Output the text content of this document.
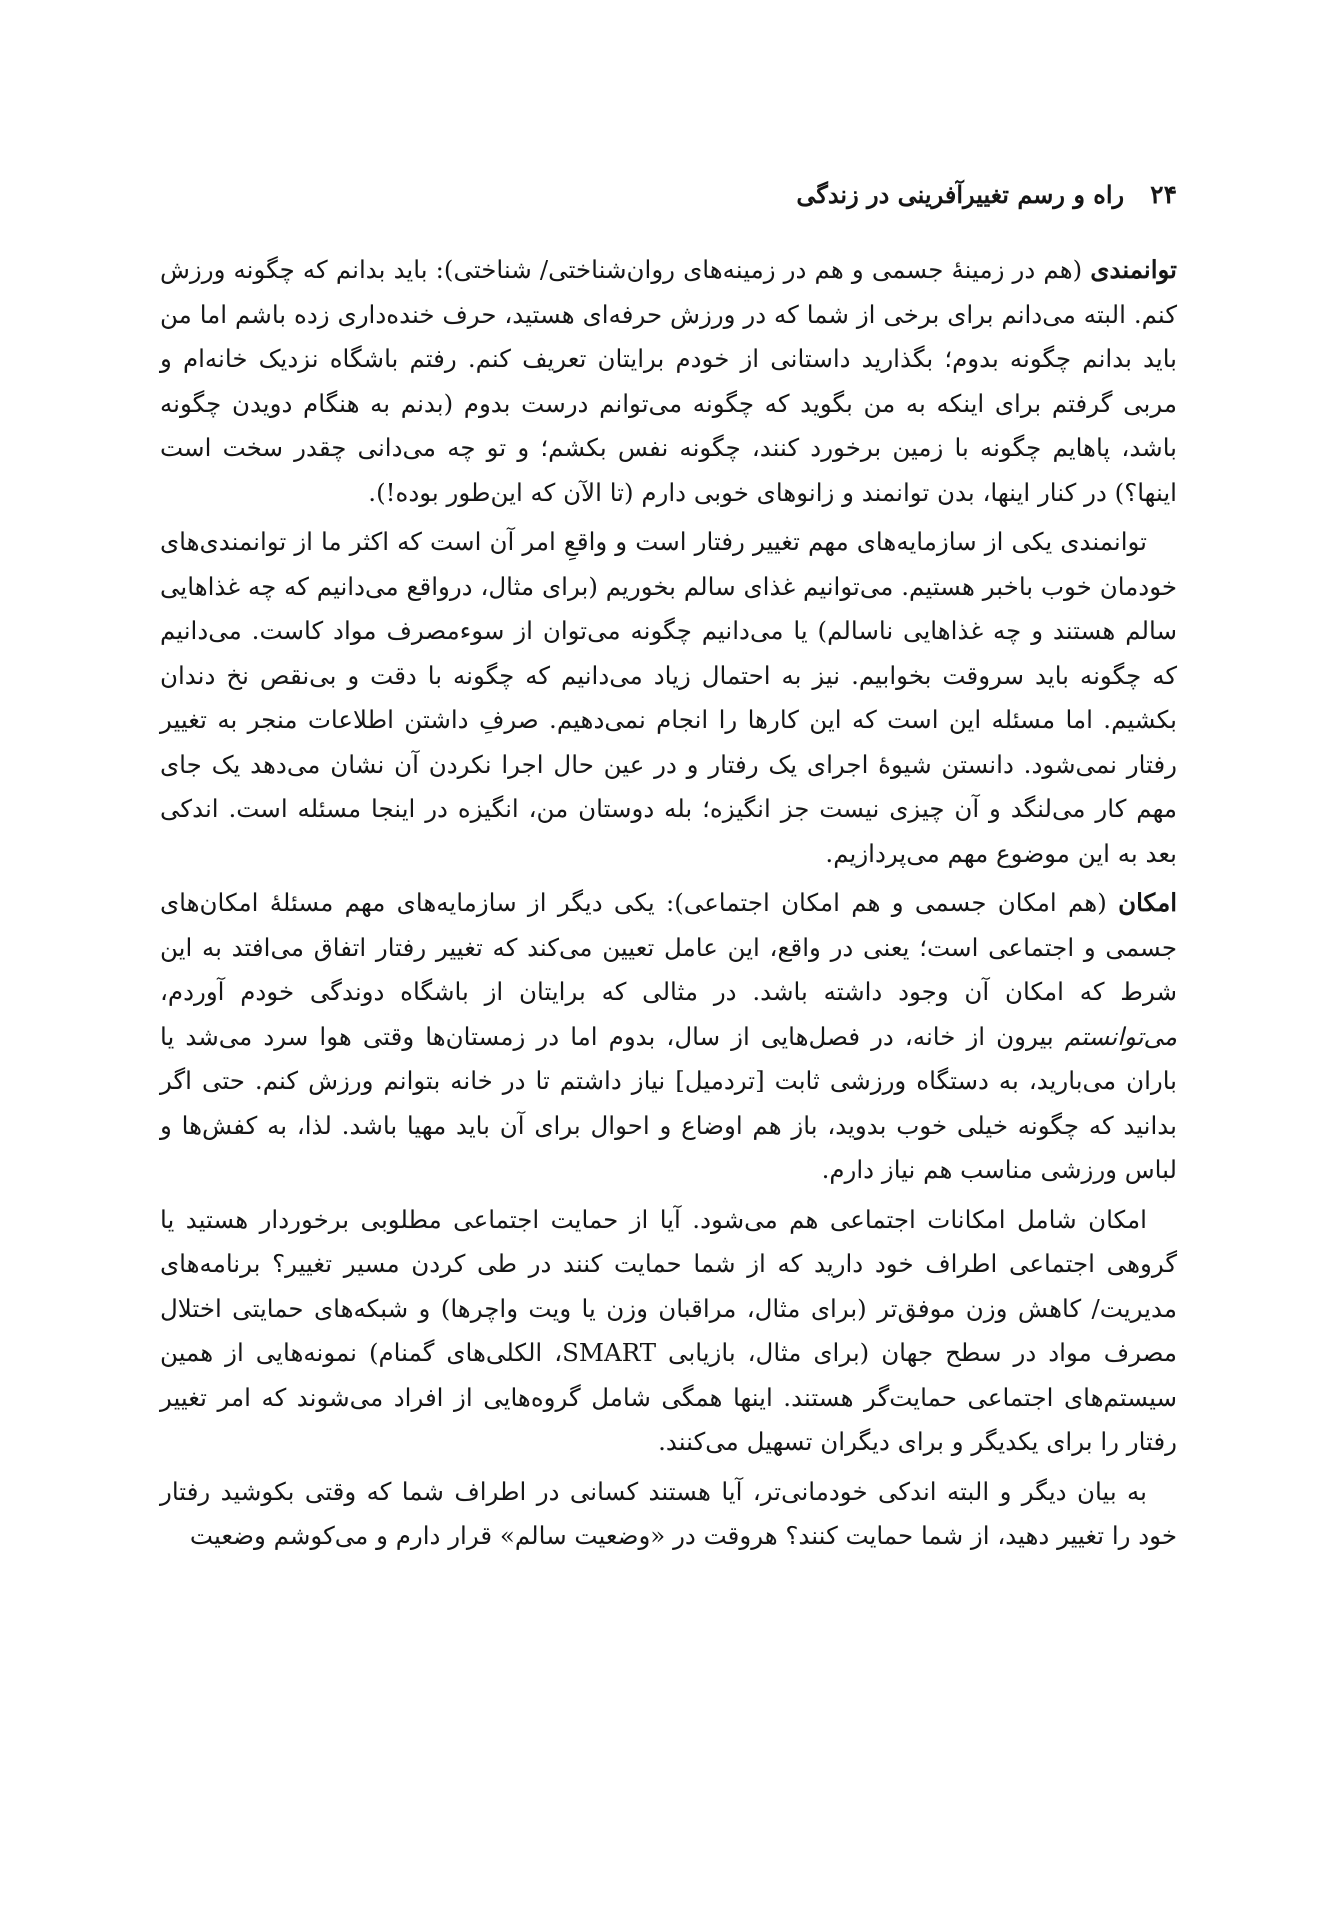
۲۴
راه و رسم تغییرآفرینی در زندگی

توانمندی (هم در زمینهٔ جسمی و هم در زمینه‌های روان‌شناختی/ شناختی): باید بدانم که چگونه ورزش کنم. البته می‌دانم برای برخی از شما که در ورزش حرفه‌ای هستید، حرف خنده‌داری زده باشم اما من باید بدانم چگونه بدوم؛ بگذارید داستانی از خودم برایتان تعریف کنم. رفتم باشگاه نزدیک خانه‌ام و مربی گرفتم برای اینکه به من بگوید که چگونه می‌توانم درست بدوم (بدنم به هنگام دویدن چگونه باشد، پاهایم چگونه با زمین برخورد کنند، چگونه نفس بکشم؛ و تو چه می‌دانی چقدر سخت است اینها؟) در کنار اینها، بدن توانمند و زانوهای خوبی دارم (تا الآن که این‌طور بوده!).

توانمندی یکی از سازمایه‌های مهم تغییر رفتار است و واقعِ امر آن است که اکثر ما از توانمندی‌های خودمان خوب باخبر هستیم. می‌توانیم غذای سالم بخوریم (برای مثال، درواقع می‌دانیم که چه غذاهایی سالم هستند و چه غذاهایی ناسالم) یا می‌دانیم چگونه می‌توان از سوءمصرف مواد کاست. می‌دانیم که چگونه باید سروقت بخوابیم. نیز به احتمال زیاد می‌دانیم که چگونه با دقت و بی‌نقص نخ دندان بکشیم. اما مسئله این است که این کارها را انجام نمی‌دهیم. صرفِ داشتن اطلاعات منجر به تغییر رفتار نمی‌شود. دانستن شیوهٔ اجرای یک رفتار و در عین حال اجرا نکردن آن نشان می‌دهد یک جای مهم کار می‌لنگد و آن چیزی نیست جز انگیزه؛ بله دوستان من، انگیزه در اینجا مسئله است. اندکی بعد به این موضوع مهم می‌پردازیم.

امکان (هم امکان جسمی و هم امکان اجتماعی): یکی دیگر از سازمایه‌های مهم مسئلهٔ امکان‌های جسمی و اجتماعی است؛ یعنی در واقع، این عامل تعیین می‌کند که تغییر رفتار اتفاق می‌افتد به این شرط که امکان آن وجود داشته باشد. در مثالی که برایتان از باشگاه دوندگی خودم آوردم، می‌توانستم بیرون از خانه، در فصل‌هایی از سال، بدوم اما در زمستان‌ها وقتی هوا سرد می‌شد یا باران می‌بارید، به دستگاه ورزشی ثابت [تردمیل] نیاز داشتم تا در خانه بتوانم ورزش کنم. حتی اگر بدانید که چگونه خیلی خوب بدوید، باز هم اوضاع و احوال برای آن باید مهیا باشد. لذا، به کفش‌ها و لباس ورزشی مناسب هم نیاز دارم.

امکان شامل امکانات اجتماعی هم می‌شود. آیا از حمایت اجتماعی مطلوبی برخوردار هستید یا گروهی اجتماعی اطراف خود دارید که از شما حمایت کنند در طی کردن مسیر تغییر؟ برنامه‌های مدیریت/ کاهش وزن موفق‌تر (برای مثال، مراقبان وزن یا ویت واچرها) و شبکه‌های حمایتی اختلال مصرف مواد در سطح جهان (برای مثال، بازیابی SMART، الکلی‌های گمنام) نمونه‌هایی از همین سیستم‌های اجتماعی حمایت‌گر هستند. اینها همگی شامل گروه‌هایی از افراد می‌شوند که امر تغییر رفتار را برای یکدیگر و برای دیگران تسهیل می‌کنند.

به بیان دیگر و البته اندکی خودمانی‌تر، آیا هستند کسانی در اطراف شما که وقتی بکوشید رفتار خود را تغییر دهید، از شما حمایت کنند؟ هروقت در «وضعیت سالم» قرار دارم و می‌کوشم وضعیت
